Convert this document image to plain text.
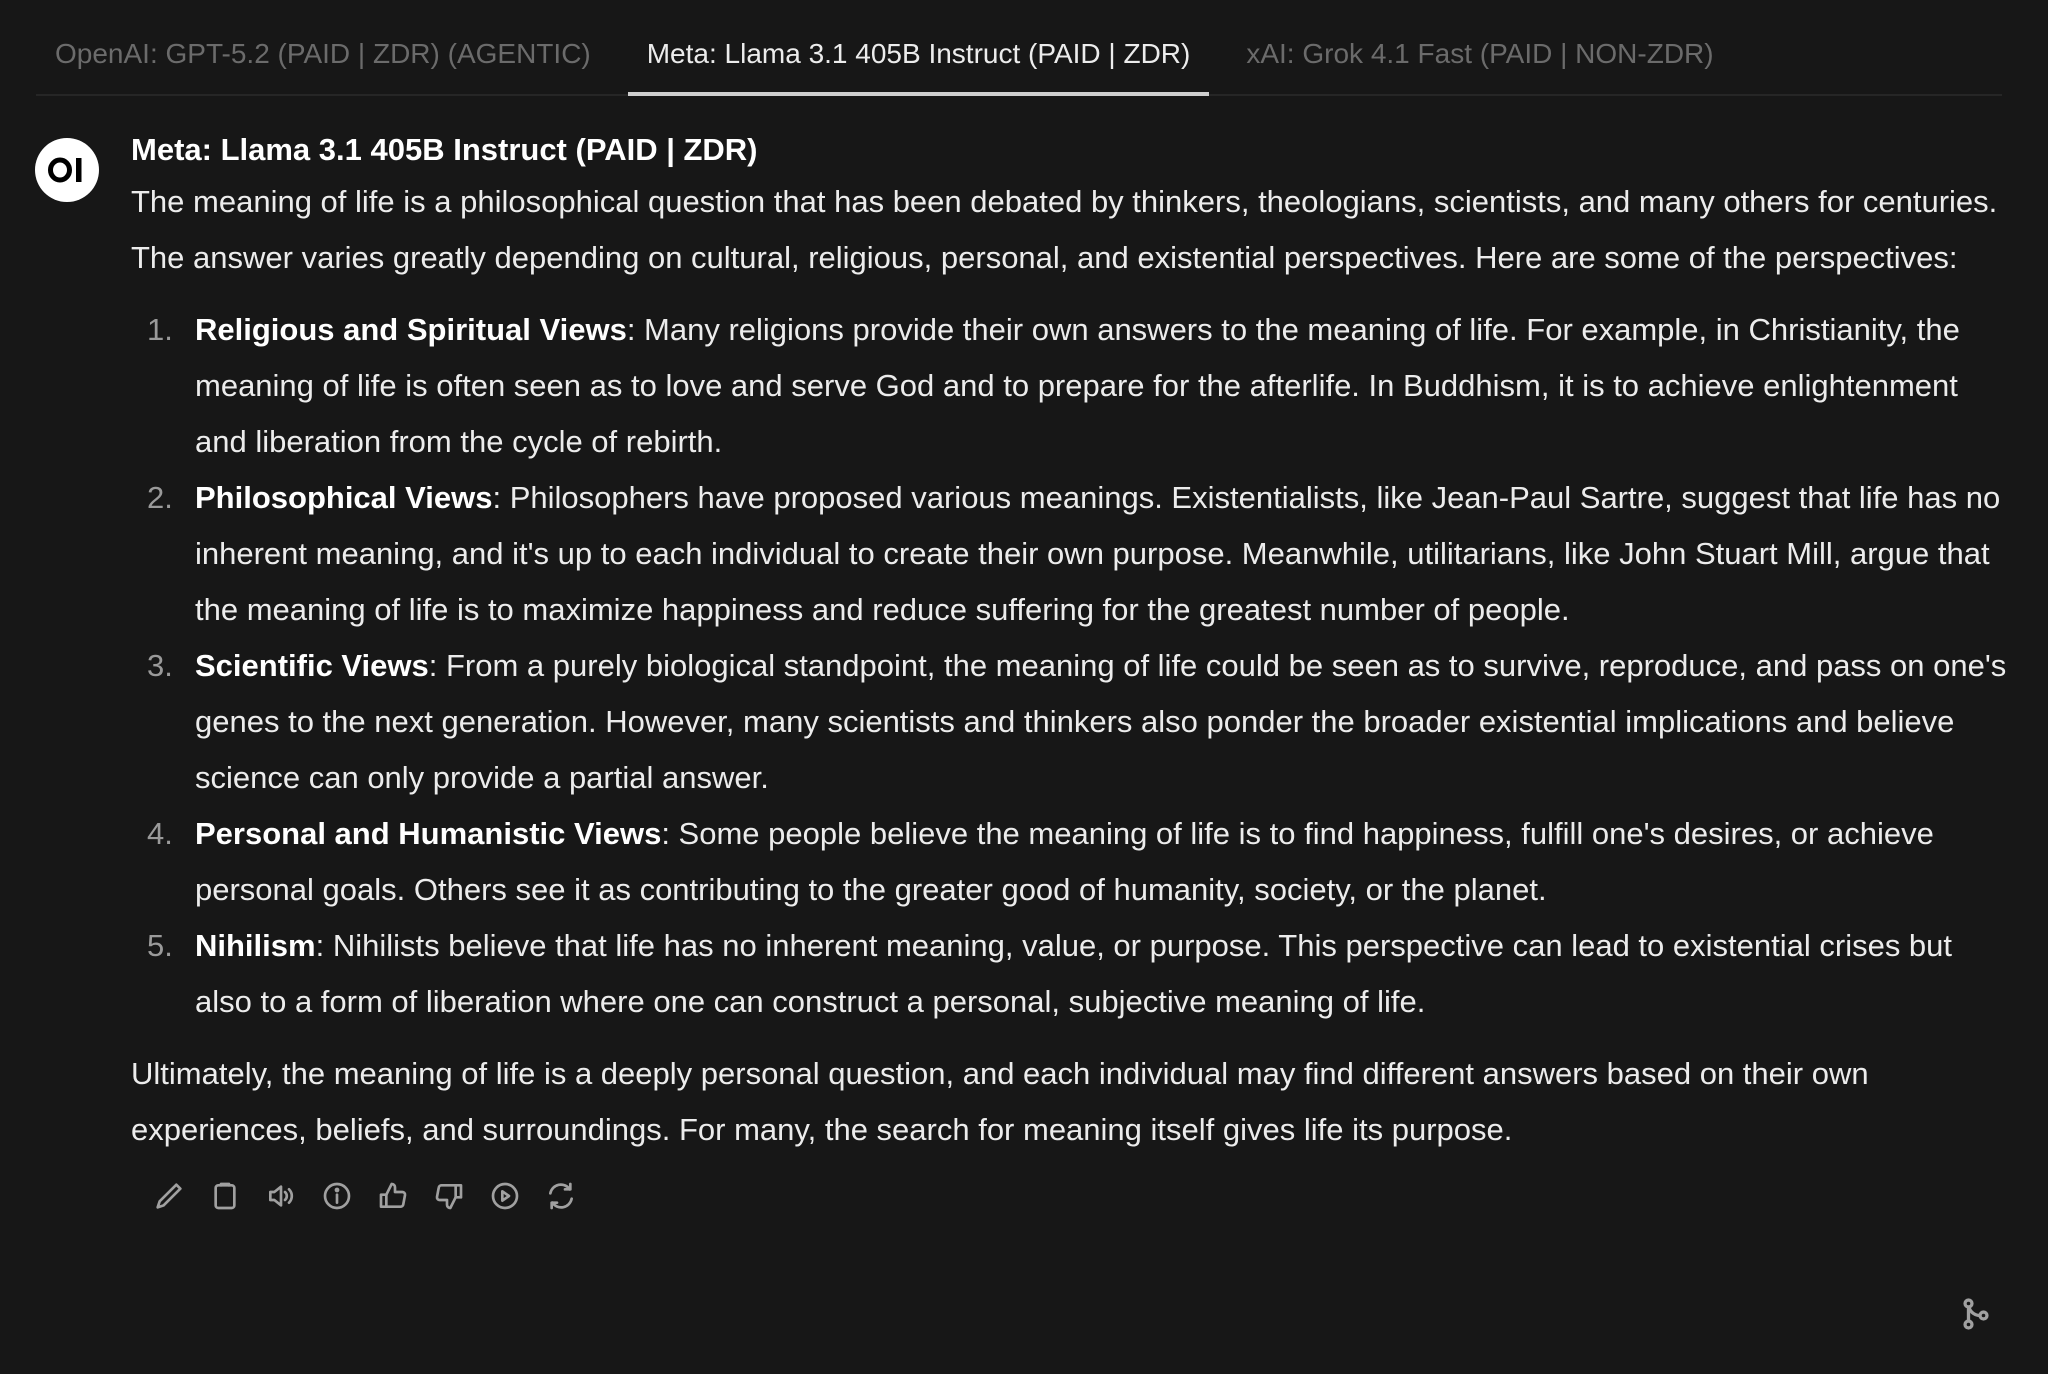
OpenAI: GPT-5.2 (PAID | ZDR) (AGENTIC)	Meta: Llama 3.1 405B Instruct (PAID | ZDR)	xAI: Grok 4.1 Fast (PAID | NON-ZDR)
Meta: Llama 3.1 405B Instruct (PAID | ZDR)

The meaning of life is a philosophical question that has been debated by thinkers, theologians, scientists, and many others for centuries. The answer varies greatly depending on cultural, religious, personal, and existential perspectives. Here are some of the perspectives:

1. Religious and Spiritual Views: Many religions provide their own answers to the meaning of life. For example, in Christianity, the meaning of life is often seen as to love and serve God and to prepare for the afterlife. In Buddhism, it is to achieve enlightenment and liberation from the cycle of rebirth.
2. Philosophical Views: Philosophers have proposed various meanings. Existentialists, like Jean-Paul Sartre, suggest that life has no inherent meaning, and it's up to each individual to create their own purpose. Meanwhile, utilitarians, like John Stuart Mill, argue that the meaning of life is to maximize happiness and reduce suffering for the greatest number of people.
3. Scientific Views: From a purely biological standpoint, the meaning of life could be seen as to survive, reproduce, and pass on one's genes to the next generation. However, many scientists and thinkers also ponder the broader existential implications and believe science can only provide a partial answer.
4. Personal and Humanistic Views: Some people believe the meaning of life is to find happiness, fulfill one's desires, or achieve personal goals. Others see it as contributing to the greater good of humanity, society, or the planet.
5. Nihilism: Nihilists believe that life has no inherent meaning, value, or purpose. This perspective can lead to existential crises but also to a form of liberation where one can construct a personal, subjective meaning of life.

Ultimately, the meaning of life is a deeply personal question, and each individual may find different answers based on their own experiences, beliefs, and surroundings. For many, the search for meaning itself gives life its purpose.
